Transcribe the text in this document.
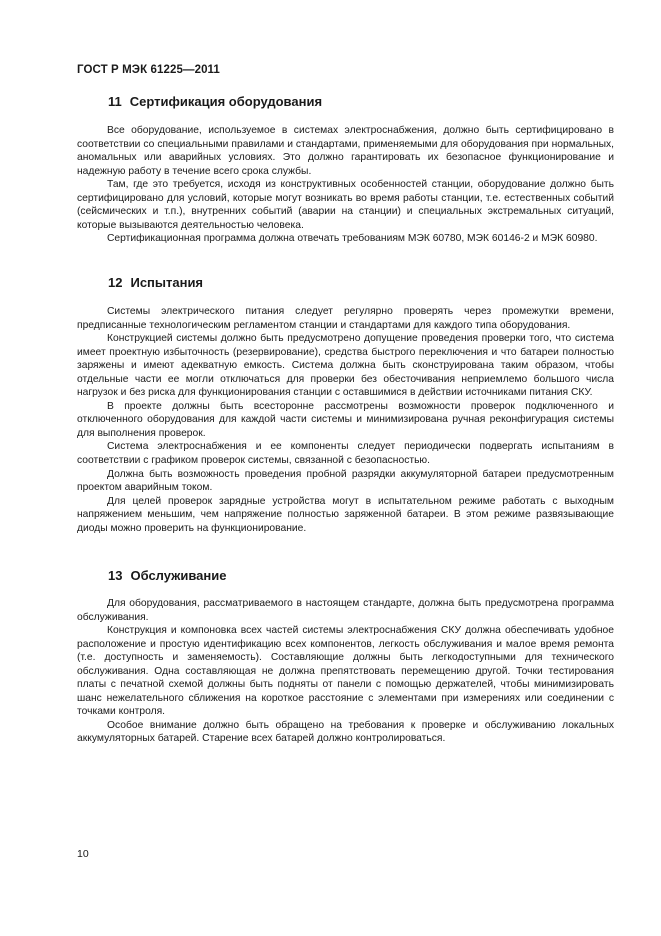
ГОСТ Р МЭК 61225—2011
11 Сертификация оборудования

Все оборудование, используемое в системах электроснабжения, должно быть сертифицировано в соответствии со специальными правилами и стандартами, применяемыми для оборудования при нормальных, аномальных или аварийных условиях. Это должно гарантировать их безопасное функционирование и надежную работу в течение всего срока службы.

Там, где это требуется, исходя из конструктивных особенностей станции, оборудование должно быть сертифицировано для условий, которые могут возникать во время работы станции, т.е. естественных событий (сейсмических и т.п.), внутренних событий (аварии на станции) и специальных экстремальных ситуаций, которые вызываются деятельностью человека.

Сертификационная программа должна отвечать требованиям МЭК 60780, МЭК 60146-2 и МЭК 60980.

12 Испытания

Системы электрического питания следует регулярно проверять через промежутки времени, предписанные технологическим регламентом станции и стандартами для каждого типа оборудования.

Конструкцией системы должно быть предусмотрено допущение проведения проверки того, что система имеет проектную избыточность (резервирование), средства быстрого переключения и что батареи полностью заряжены и имеют адекватную емкость. Система должна быть сконструирована таким образом, чтобы отдельные части ее могли отключаться для проверки без обесточивания неприемлемо большого числа нагрузок и без риска для функционирования станции с оставшимися в действии источниками питания СКУ.

В проекте должны быть всесторонне рассмотрены возможности проверок подключенного и отключенного оборудования для каждой части системы и минимизирована ручная реконфигурация системы для выполнения проверок.

Система электроснабжения и ее компоненты следует периодически подвергать испытаниям в соответствии с графиком проверок системы, связанной с безопасностью.

Должна быть возможность проведения пробной разрядки аккумуляторной батареи предусмотренным проектом аварийным током.

Для целей проверок зарядные устройства могут в испытательном режиме работать с выходным напряжением меньшим, чем напряжение полностью заряженной батареи. В этом режиме развязывающие диоды можно проверить на функционирование.

13 Обслуживание

Для оборудования, рассматриваемого в настоящем стандарте, должна быть предусмотрена программа обслуживания.

Конструкция и компоновка всех частей системы электроснабжения СКУ должна обеспечивать удобное расположение и простую идентификацию всех компонентов, легкость обслуживания и малое время ремонта (т.е. доступность и заменяемость). Составляющие должны быть легкодоступными для технического обслуживания. Одна составляющая не должна препятствовать перемещению другой. Точки тестирования платы с печатной схемой должны быть подняты от панели с помощью держателей, чтобы минимизировать шанс нежелательного сближения на короткое расстояние с элементами при измерениях или соединении с точками контроля.

Особое внимание должно быть обращено на требования к проверке и обслуживанию локальных аккумуляторных батарей. Старение всех батарей должно контролироваться.

10
